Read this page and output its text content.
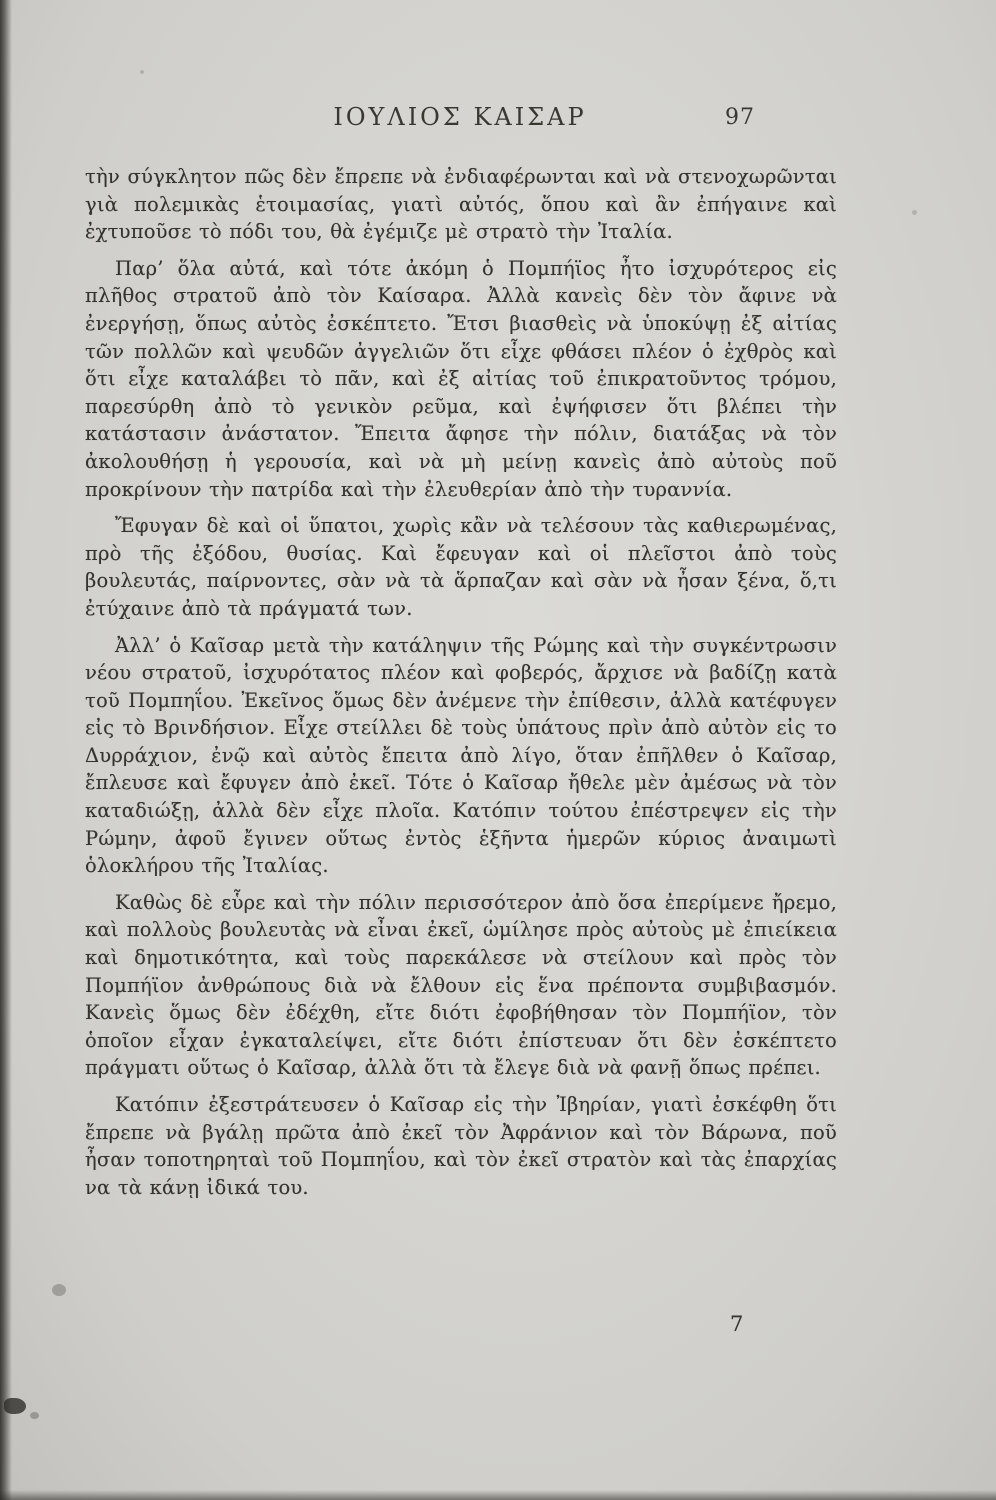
ΙΟΥΛΙΟΣ ΚΑΙΣΑΡ	97

τὴν σύγκλητον πῶς δὲν ἔπρεπε νὰ ἐνδιαφέρωνται καὶ νὰ στενοχωρῶνται γιὰ πολεμικὰς ἑτοιμασίας, γιατὶ αὐτός, ὅπου καὶ ἂν ἐπήγαινε καὶ ἐχτυποῦσε τὸ πόδι του, θὰ ἐγέμιζε μὲ στρατὸ τὴν Ἰταλία.

Παρ’ ὅλα αὐτά, καὶ τότε ἀκόμη ὁ Πομπήϊος ἦτο ἰσχυρότερος εἰς πλῆθος στρατοῦ ἀπὸ τὸν Καίσαρα. Ἀλλὰ κανεὶς δὲν τὸν ἄφινε νὰ ἐνεργήσῃ, ὅπως αὐτὸς ἐσκέπτετο. Ἔτσι βιασθεὶς νὰ ὑποκύψῃ ἐξ αἰτίας τῶν πολλῶν καὶ ψευδῶν ἀγγελιῶν ὅτι εἶχε φθάσει πλέον ὁ ἐχθρὸς καὶ ὅτι εἶχε καταλάβει τὸ πᾶν, καὶ ἐξ αἰτίας τοῦ ἐπικρατοῦντος τρόμου, παρεσύρθη ἀπὸ τὸ γενικὸν ρεῦμα, καὶ ἐψήφισεν ὅτι βλέπει τὴν κατάστασιν ἀνάστατον. Ἔπειτα ἄφησε τὴν πόλιν, διατάξας νὰ τὸν ἀκολουθήσῃ ἡ γερουσία, καὶ νὰ μὴ μείνῃ κανεὶς ἀπὸ αὐτοὺς ποῦ προκρίνουν τὴν πατρίδα καὶ τὴν ἐλευθερίαν ἀπὸ τὴν τυραννία.

Ἔφυγαν δὲ καὶ οἱ ὕπατοι, χωρὶς κἂν νὰ τελέσουν τὰς καθιερωμένας, πρὸ τῆς ἐξόδου, θυσίας. Καὶ ἔφευγαν καὶ οἱ πλεῖστοι ἀπὸ τοὺς βουλευτάς, παίρνοντες, σὰν νὰ τὰ ἅρπαζαν καὶ σὰν νὰ ἦσαν ξένα, ὅ,τι ἐτύχαινε ἀπὸ τὰ πράγματά των.

Ἀλλ’ ὁ Καῖσαρ μετὰ τὴν κατάληψιν τῆς Ρώμης καὶ τὴν συγκέντρωσιν νέου στρατοῦ, ἰσχυρότατος πλέον καὶ φοβερός, ἄρχισε νὰ βαδίζῃ κατὰ τοῦ Πομπηΐου. Ἐκεῖνος ὅμως δὲν ἀνέμενε τὴν ἐπίθεσιν, ἀλλὰ κατέφυγεν εἰς τὸ Βρινδήσιον. Εἶχε στείλλει δὲ τοὺς ὑπάτους πρὶν ἀπὸ αὐτὸν εἰς το Δυρράχιον, ἐνῷ καὶ αὐτὸς ἔπειτα ἀπὸ λίγο, ὅταν ἐπῆλθεν ὁ Καῖσαρ, ἔπλευσε καὶ ἔφυγεν ἀπὸ ἐκεῖ. Τότε ὁ Καῖσαρ ἤθελε μὲν ἀμέσως νὰ τὸν καταδιώξῃ, ἀλλὰ δὲν εἶχε πλοῖα. Κατόπιν τούτου ἐπέστρεψεν εἰς τὴν Ρώμην, ἀφοῦ ἔγινεν οὕτως ἐντὸς ἑξῆντα ἡμερῶν κύριος ἀναιμωτὶ ὁλοκλήρου τῆς Ἰταλίας.

Καθὼς δὲ εὗρε καὶ τὴν πόλιν περισσότερον ἀπὸ ὅσα ἐπερίμενε ἤρεμο, καὶ πολλοὺς βουλευτὰς νὰ εἶναι ἐκεῖ, ὡμίλησε πρὸς αὐτοὺς μὲ ἐπιείκεια καὶ δημοτικότητα, καὶ τοὺς παρεκάλεσε νὰ στείλουν καὶ πρὸς τὸν Πομπήϊον ἀνθρώπους διὰ νὰ ἔλθουν εἰς ἕνα πρέποντα συμβιβασμόν. Κανεὶς ὅμως δὲν ἐδέχθη, εἴτε διότι ἐφοβήθησαν τὸν Πομπήϊον, τὸν ὁποῖον εἶχαν ἐγκαταλείψει, εἴτε διότι ἐπίστευαν ὅτι δὲν ἐσκέπτετο πράγματι οὕτως ὁ Καῖσαρ, ἀλλὰ ὅτι τὰ ἔλεγε διὰ νὰ φανῇ ὅπως πρέπει.

Κατόπιν ἐξεστράτευσεν ὁ Καῖσαρ εἰς τὴν Ἰβηρίαν, γιατὶ ἐσκέφθη ὅτι ἔπρεπε νὰ βγάλῃ πρῶτα ἀπὸ ἐκεῖ τὸν Ἀφράνιον καὶ τὸν Βάρωνα, ποῦ ἦσαν τοποτηρηταὶ τοῦ Πομπηΐου, καὶ τὸν ἐκεῖ στρατὸν καὶ τὰς ἐπαρχίας να τὰ κάνῃ ἰδικά του.

7
